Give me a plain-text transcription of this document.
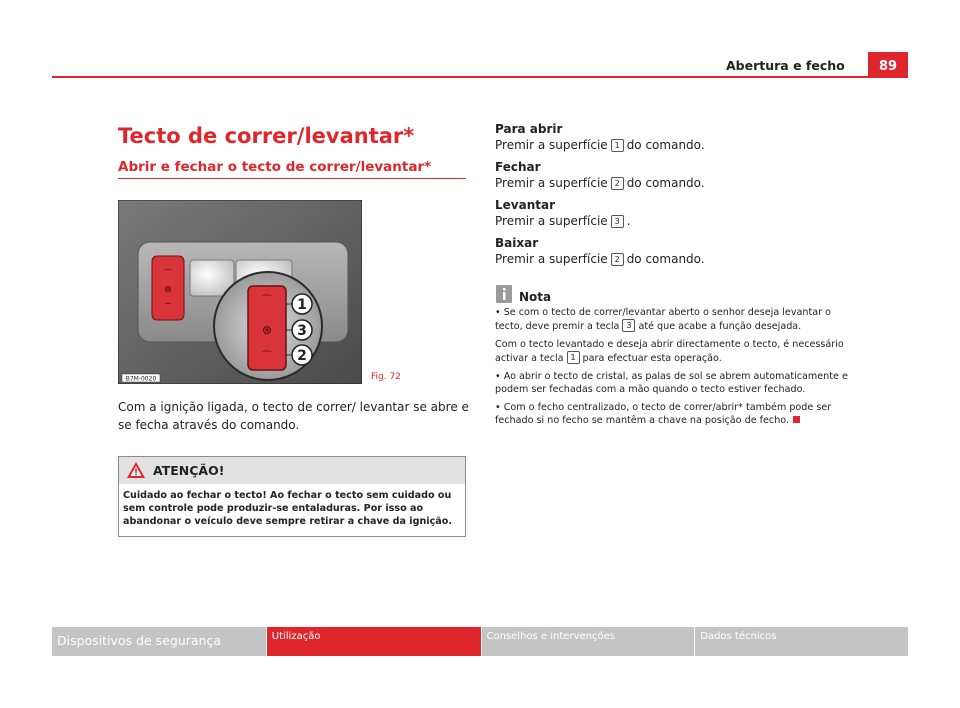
Abertura e fecho	89
Tecto de correr/levantar*
Abrir e fechar o tecto de correr/levantar*
⌒
⊛
⌒
⌒
⊛
⌒
1
3
2
B7M-0020	Fig. 72
Com a ignição ligada, o tecto de correr/ levantar se abre e se fecha através do comando.
ATENÇÃO!
Cuidado ao fechar o tecto! Ao fechar o tecto sem cuidado ou sem controle pode produzir-se entaladuras. Por isso ao abandonar o veículo deve sempre retirar a chave da ignição.
Para abrir
Premir a superfície 1 do comando.
Fechar
Premir a superfície 2 do comando.
Levantar
Premir a superfície 3 .
Baixar
Premir a superfície 2 do comando.
Nota
• Se com o tecto de correr/levantar aberto o senhor deseja levantar o tecto, deve premir a tecla 3 até que acabe a função desejada.
Com o tecto levantado e deseja abrir directamente o tecto, é necessário activar a tecla 1 para efectuar esta operação.
• Ao abrir o tecto de cristal, as palas de sol se abrem automaticamente e podem ser fechadas com a mão quando o tecto estiver fechado.
• Com o fecho centralizado, o tecto de correr/abrir* também pode ser fechado si no fecho se mantêm a chave na posição de fecho.
Dispositivos de segurança	Utilização	Conselhos e intervenções	Dados técnicos
